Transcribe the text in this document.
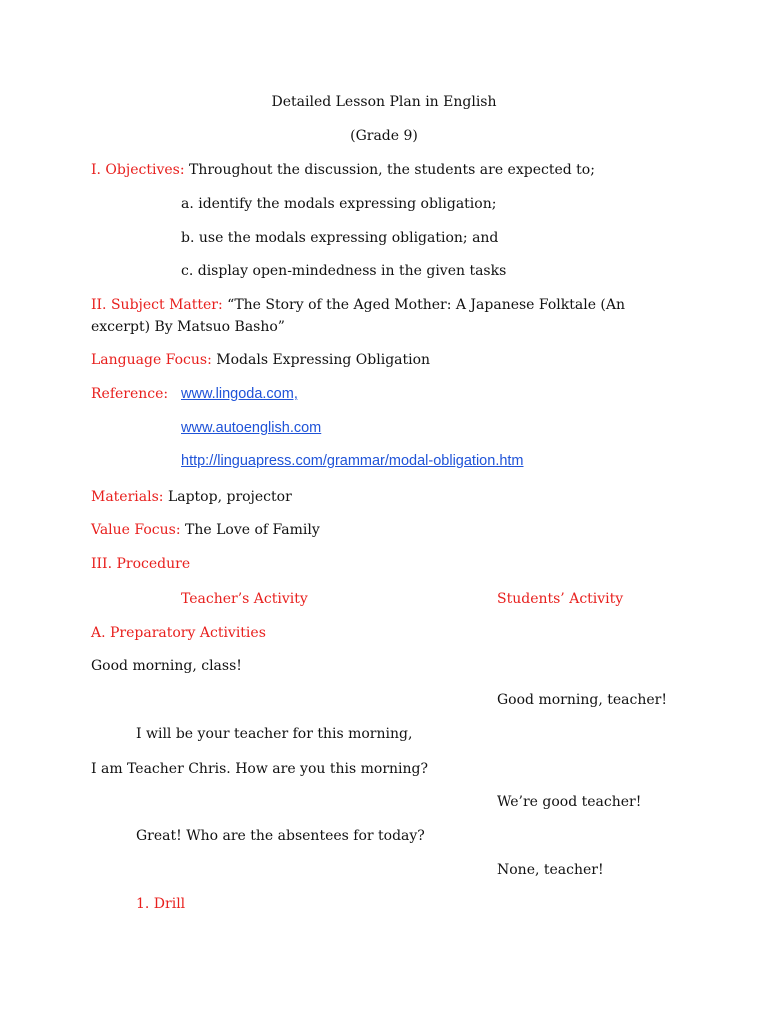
Detailed Lesson Plan in English
(Grade 9)
I. Objectives: Throughout the discussion, the students are expected to;
a. identify the modals expressing obligation;
b. use the modals expressing obligation; and
c. display open-mindedness in the given tasks
II. Subject Matter: “The Story of the Aged Mother: A Japanese Folktale (An
excerpt) By Matsuo Basho”
Language Focus: Modals Expressing Obligation
Reference: www.lingoda.com,
www.autoenglish.com
http://linguapress.com/grammar/modal-obligation.htm
Materials: Laptop, projector
Value Focus: The Love of Family
III. Procedure
Teacher’s Activity	Students’ Activity
A. Preparatory Activities
Good morning, class!
Good morning, teacher!
I will be your teacher for this morning,
I am Teacher Chris. How are you this morning?
We’re good teacher!
Great! Who are the absentees for today?
None, teacher!
1. Drill
